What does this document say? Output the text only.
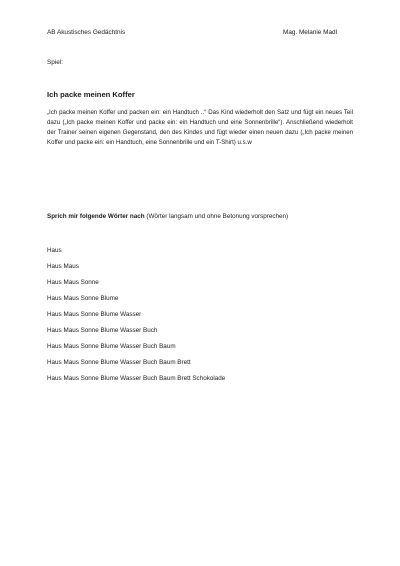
AB Akustisches Gedächtnis	Mag. Melanie Madl
Spiel:
Ich packe meinen Koffer
„Ich packe meinen Koffer und packen ein: ein Handtuch ..“ Das Kind wiederholt den Satz und fügt ein neues Teil dazu („Ich packe meinen Koffer und packe ein: ein Handtuch und eine Sonnenbrille“). Anschließend wiederholt der Trainer seinen eigenen Gegenstand, den des Kindes und fügt wieder einen neuen dazu („Ich packe meinen Koffer und packe ein: ein Handtuch, eine Sonnenbrille und ein T-Shirt) u.s.w
Sprich mir folgende Wörter nach (Wörter langsam und ohne Betonung vorsprechen)
Haus
Haus Maus
Haus Maus Sonne
Haus Maus Sonne Blume
Haus Maus Sonne Blume Wasser
Haus Maus Sonne Blume Wasser Buch
Haus Maus Sonne Blume Wasser Buch Baum
Haus Maus Sonne Blume Wasser Buch Baum Brett
Haus Maus Sonne Blume Wasser Buch Baum Brett Schokolade
